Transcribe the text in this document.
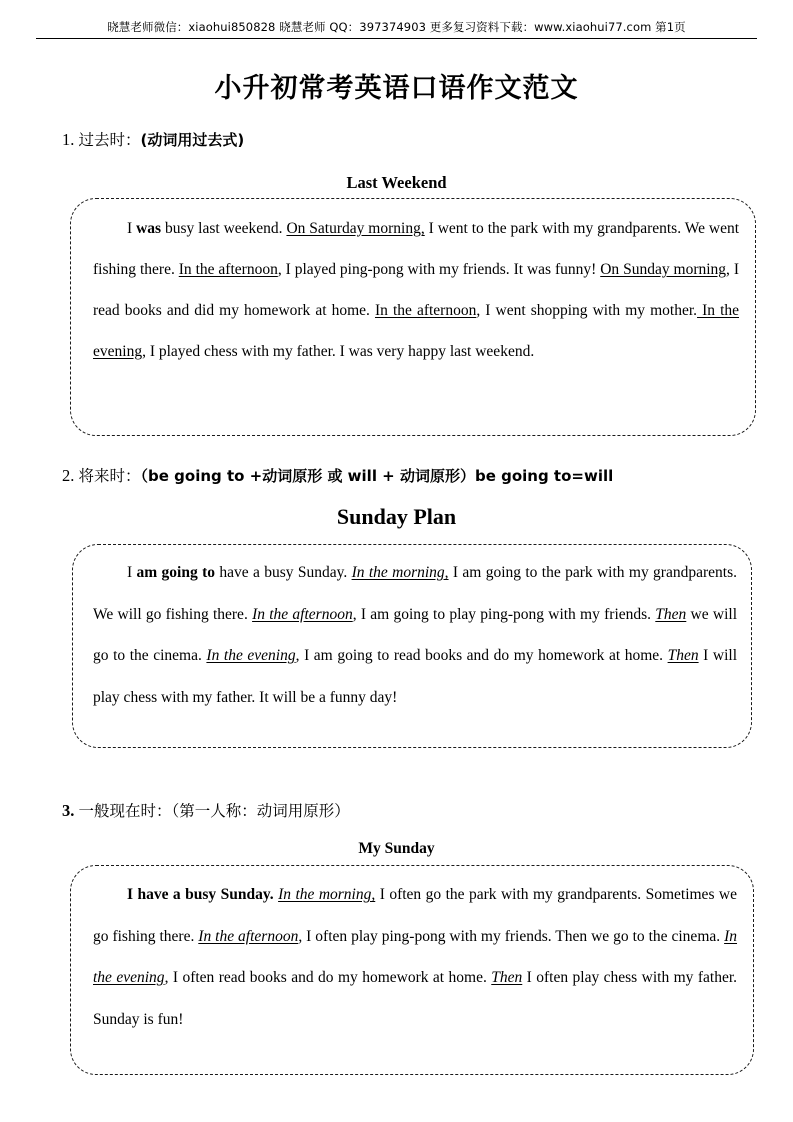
晓慧老师微信：xiaohui850828 晓慧老师 QQ：397374903 更多复习资料下载：www.xiaohui77.com 第1页
小升初常考英语口语作文范文
1. 过去时：(动词用过去式)
Last Weekend

I was busy last weekend. On Saturday morning, I went to the park with my grandparents. We went fishing there. In the afternoon, I played ping-pong with my friends. It was funny! On Sunday morning, I read books and did my homework at home. In the afternoon, I went shopping with my mother. In the evening, I played chess with my father. I was very happy last weekend.

2. 将来时：（be going to +动词原形 或 will + 动词原形）be going to=will
Sunday Plan

I am going to have a busy Sunday. In the morning, I am going to the park with my grandparents. We will go fishing there. In the afternoon, I am going to play ping-pong with my friends. Then we will go to the cinema. In the evening, I am going to read books and do my homework at home. Then I will play chess with my father. It will be a funny day!

3. 一般现在时：（第一人称：动词用原形）
My Sunday

I have a busy Sunday. In the morning, I often go the park with my grandparents. Sometimes we go fishing there. In the afternoon, I often play ping-pong with my friends. Then we go to the cinema. In the evening, I often read books and do my homework at home. Then I often play chess with my father. Sunday is fun!
